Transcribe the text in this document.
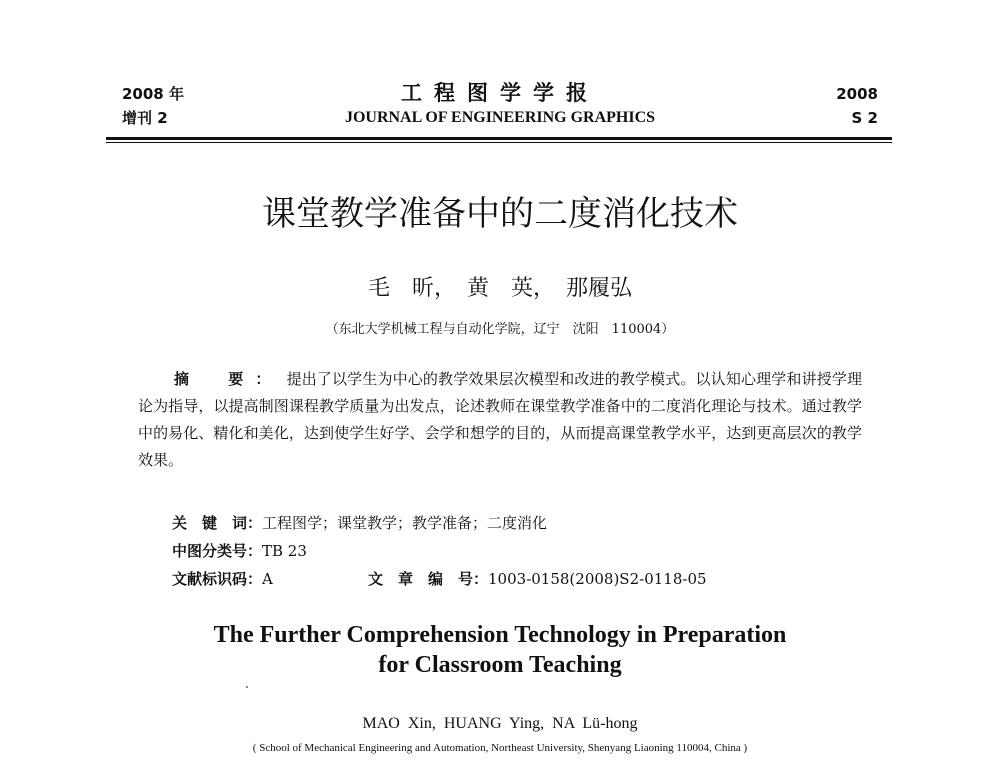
2008 年
增刊 2
工程图学学报
JOURNAL OF ENGINEERING GRAPHICS
2008
S 2
课堂教学准备中的二度消化技术
毛　昕，　黄　英，　那履弘
（东北大学机械工程与自动化学院，辽宁　沈阳　110004）
摘　要： 提出了以学生为中心的教学效果层次模型和改进的教学模式。以认知心理学和讲授学理论为指导，以提高制图课程教学质量为出发点，论述教师在课堂教学准备中的二度消化理论与技术。通过教学中的易化、精化和美化，达到使学生好学、会学和想学的目的，从而提高课堂教学水平，达到更高层次的教学效果。
关　键　词：工程图学；课堂教学；教学准备；二度消化
中图分类号：TB 23
文献标识码：A	文　章　编　号：1003-0158(2008)S2-0118-05
The Further Comprehension Technology in Preparation
for Classroom Teaching
MAO Xin, HUANG Ying, NA Lü-hong
( School of Mechanical Engineering and Automation, Northeast University, Shenyang Liaoning 110004, China )
